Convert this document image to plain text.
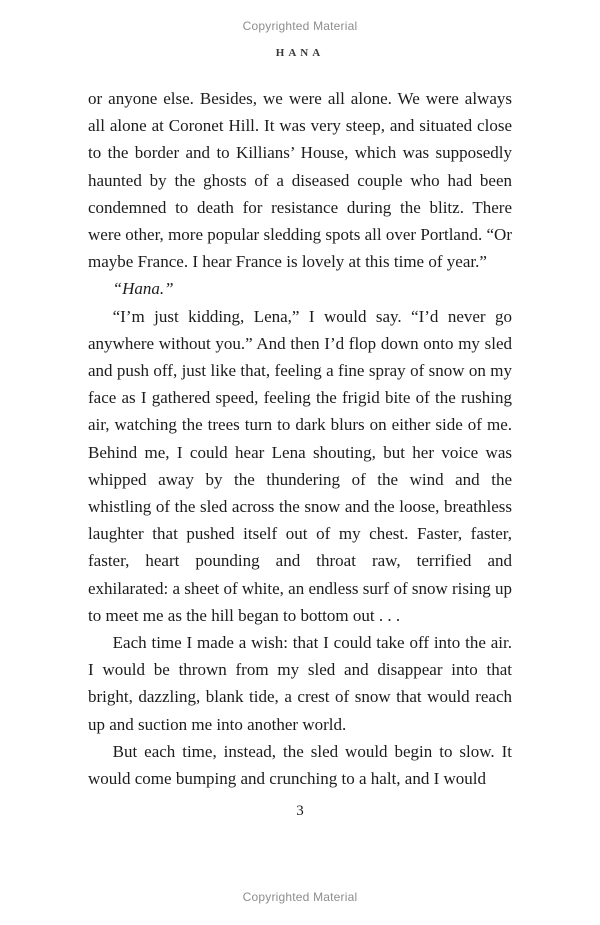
Copyrighted Material
HANA

or anyone else. Besides, we were all alone. We were always all alone at Coronet Hill. It was very steep, and situated close to the border and to Killians’ House, which was supposedly haunted by the ghosts of a diseased couple who had been condemned to death for resistance during the blitz. There were other, more popular sledding spots all over Portland. “Or maybe France. I hear France is lovely at this time of year.”

“Hana.”

“I’m just kidding, Lena,” I would say. “I’d never go anywhere without you.” And then I’d flop down onto my sled and push off, just like that, feeling a fine spray of snow on my face as I gathered speed, feeling the frigid bite of the rushing air, watching the trees turn to dark blurs on either side of me. Behind me, I could hear Lena shouting, but her voice was whipped away by the thundering of the wind and the whistling of the sled across the snow and the loose, breathless laughter that pushed itself out of my chest. Faster, faster, faster, heart pounding and throat raw, terrified and exhilarated: a sheet of white, an endless surf of snow rising up to meet me as the hill began to bottom out . . .

Each time I made a wish: that I could take off into the air. I would be thrown from my sled and disappear into that bright, dazzling, blank tide, a crest of snow that would reach up and suction me into another world.

But each time, instead, the sled would begin to slow. It would come bumping and crunching to a halt, and I would

3
Copyrighted Material
